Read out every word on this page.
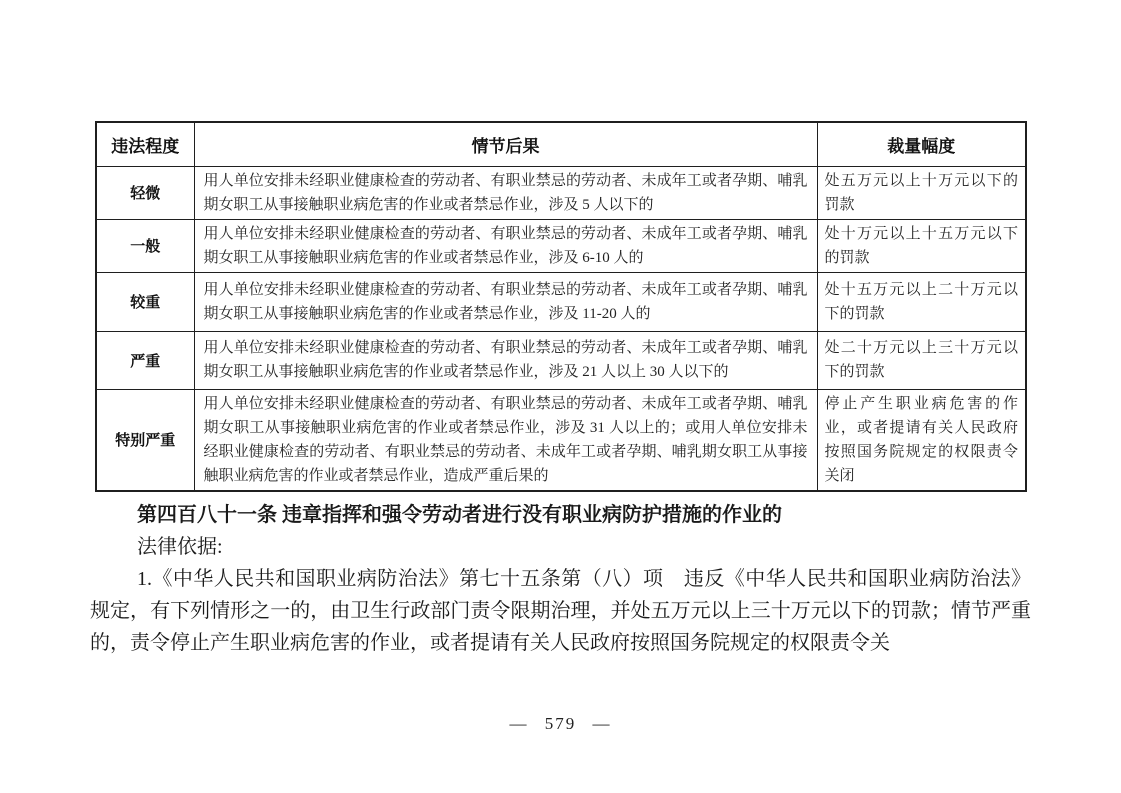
违法程度	情节后果	裁量幅度
轻微	用人单位安排未经职业健康检查的劳动者、有职业禁忌的劳动者、未成年工或者孕期、哺乳期女职工从事接触职业病危害的作业或者禁忌作业，涉及 5 人以下的	处五万元以上十万元以下的罚款
一般	用人单位安排未经职业健康检查的劳动者、有职业禁忌的劳动者、未成年工或者孕期、哺乳期女职工从事接触职业病危害的作业或者禁忌作业，涉及 6-10 人的	处十万元以上十五万元以下的罚款
较重	用人单位安排未经职业健康检查的劳动者、有职业禁忌的劳动者、未成年工或者孕期、哺乳期女职工从事接触职业病危害的作业或者禁忌作业，涉及 11-20 人的	处十五万元以上二十万元以下的罚款
严重	用人单位安排未经职业健康检查的劳动者、有职业禁忌的劳动者、未成年工或者孕期、哺乳期女职工从事接触职业病危害的作业或者禁忌作业，涉及 21 人以上 30 人以下的	处二十万元以上三十万元以下的罚款
特别严重	用人单位安排未经职业健康检查的劳动者、有职业禁忌的劳动者、未成年工或者孕期、哺乳期女职工从事接触职业病危害的作业或者禁忌作业，涉及 31 人以上的；或用人单位安排未经职业健康检查的劳动者、有职业禁忌的劳动者、未成年工或者孕期、哺乳期女职工从事接触职业病危害的作业或者禁忌作业，造成严重后果的	停止产生职业病危害的作业，或者提请有关人民政府按照国务院规定的权限责令关闭

第四百八十一条 违章指挥和强令劳动者进行没有职业病防护措施的作业的

法律依据:

1.《中华人民共和国职业病防治法》第七十五条第（八）项　违反《中华人民共和国职业病防治法》规定，有下列情形之一的，由卫生行政部门责令限期治理，并处五万元以上三十万元以下的罚款；情节严重的，责令停止产生职业病危害的作业，或者提请有关人民政府按照国务院规定的权限责令关

— 579 —
